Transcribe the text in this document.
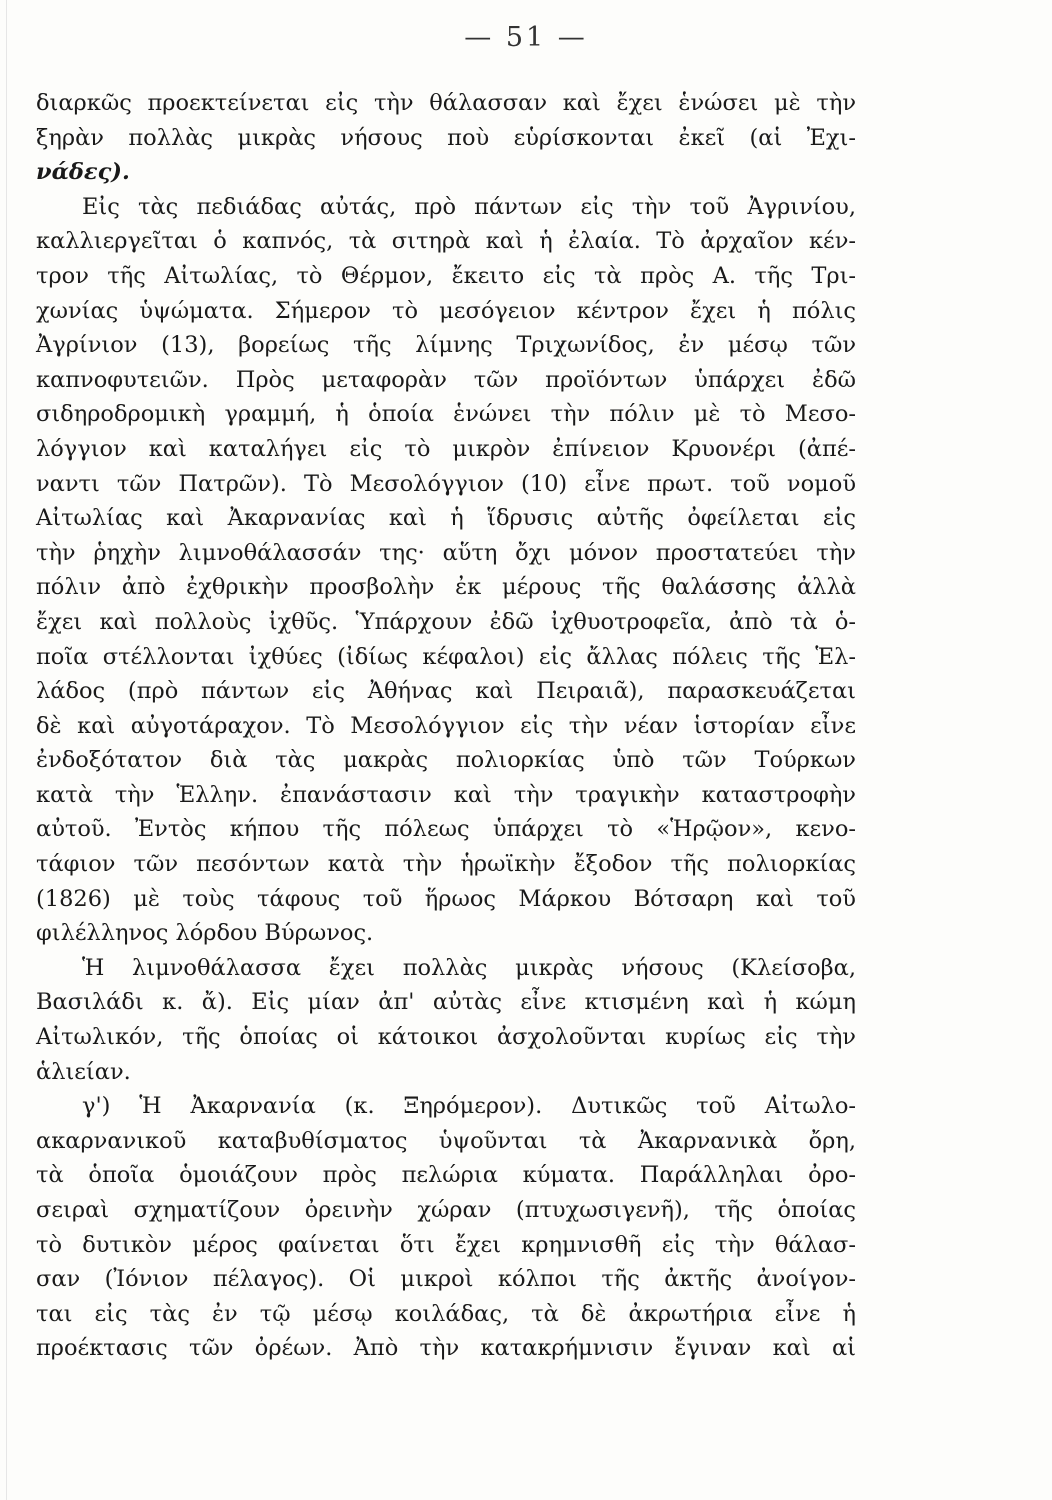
— 51 —

διαρκῶς προεκτείνεται εἰς τὴν θάλασσαν καὶ ἔχει ἑνώσει μὲ τὴν
ξηρὰν πολλὰς μικρὰς νήσους ποὺ εὑρίσκονται ἐκεῖ (αἱ Ἐχι-
νάδες).

Εἰς τὰς πεδιάδας αὐτάς, πρὸ πάντων εἰς τὴν τοῦ Ἀγρινίου,
καλλιεργεῖται ὁ καπνός, τὰ σιτηρὰ καὶ ἡ ἐλαία. Τὸ ἀρχαῖον κέν-
τρον τῆς Αἰτωλίας, τὸ Θέρμον, ἔκειτο εἰς τὰ πρὸς Α. τῆς Τρι-
χωνίας ὑψώματα. Σήμερον τὸ μεσόγειον κέντρον ἔχει ἡ πόλις
Ἀγρίνιον (13), βορείως τῆς λίμνης Τριχωνίδος, ἐν μέσῳ τῶν
καπνοφυτειῶν. Πρὸς μεταφορὰν τῶν προϊόντων ὑπάρχει ἐδῶ
σιδηροδρομικὴ γραμμή, ἡ ὁποία ἑνώνει τὴν πόλιν μὲ τὸ Μεσο-
λόγγιον καὶ καταλήγει εἰς τὸ μικρὸν ἐπίνειον Κρυονέρι (ἀπέ-
ναντι τῶν Πατρῶν). Τὸ Μεσολόγγιον (10) εἶνε πρωτ. τοῦ νομοῦ
Αἰτωλίας καὶ Ἀκαρνανίας καὶ ἡ ἵδρυσις αὐτῆς ὀφείλεται εἰς
τὴν ῥηχὴν λιμνοθάλασσάν της· αὕτη ὄχι μόνον προστατεύει τὴν
πόλιν ἀπὸ ἐχθρικὴν προσβολὴν ἐκ μέρους τῆς θαλάσσης ἀλλὰ
ἔχει καὶ πολλοὺς ἰχθῦς. Ὑπάρχουν ἐδῶ ἰχθυοτροφεῖα, ἀπὸ τὰ ὁ-
ποῖα στέλλονται ἰχθύες (ἰδίως κέφαλοι) εἰς ἄλλας πόλεις τῆς Ἑλ-
λάδος (πρὸ πάντων εἰς Ἀθήνας καὶ Πειραιᾶ), παρασκευάζεται
δὲ καὶ αὐγοτάραχον. Τὸ Μεσολόγγιον εἰς τὴν νέαν ἱστορίαν εἶνε
ἐνδοξότατον διὰ τὰς μακρὰς πολιορκίας ὑπὸ τῶν Τούρκων
κατὰ τὴν Ἑλλην. ἐπανάστασιν καὶ τὴν τραγικὴν καταστροφὴν
αὐτοῦ. Ἐντὸς κήπου τῆς πόλεως ὑπάρχει τὸ «Ἡρῷον», κενο-
τάφιον τῶν πεσόντων κατὰ τὴν ἡρωϊκὴν ἔξοδον τῆς πολιορκίας
(1826) μὲ τοὺς τάφους τοῦ ἥρωος Μάρκου Βότσαρη καὶ τοῦ
φιλέλληνος λόρδου Βύρωνος.

Ἡ λιμνοθάλασσα ἔχει πολλὰς μικρὰς νήσους (Κλείσοβα,
Βασιλάδι κ. ἄ). Εἰς μίαν ἀπ' αὐτὰς εἶνε κτισμένη καὶ ἡ κώμη
Αἰτωλικόν, τῆς ὁποίας οἱ κάτοικοι ἀσχολοῦνται κυρίως εἰς τὴν
ἁλιείαν.

γ') Ἡ Ἀκαρνανία (κ. Ξηρόμερον). Δυτικῶς τοῦ Αἰτωλο-
ακαρνανικοῦ καταβυθίσματος ὑψοῦνται τὰ Ἀκαρνανικὰ ὄρη,
τὰ ὁποῖα ὁμοιάζουν πρὸς πελώρια κύματα. Παράλληλαι ὀρο-
σειραὶ σχηματίζουν ὀρεινὴν χώραν (πτυχωσιγενῆ), τῆς ὁποίας
τὸ δυτικὸν μέρος φαίνεται ὅτι ἔχει κρημνισθῆ εἰς τὴν θάλασ-
σαν (Ἰόνιον πέλαγος). Οἱ μικροὶ κόλποι τῆς ἀκτῆς ἀνοίγον-
ται εἰς τὰς ἐν τῷ μέσῳ κοιλάδας, τὰ δὲ ἀκρωτήρια εἶνε ἡ
προέκτασις τῶν ὀρέων. Ἀπὸ τὴν κατακρήμνισιν ἔγιναν καὶ αἱ
